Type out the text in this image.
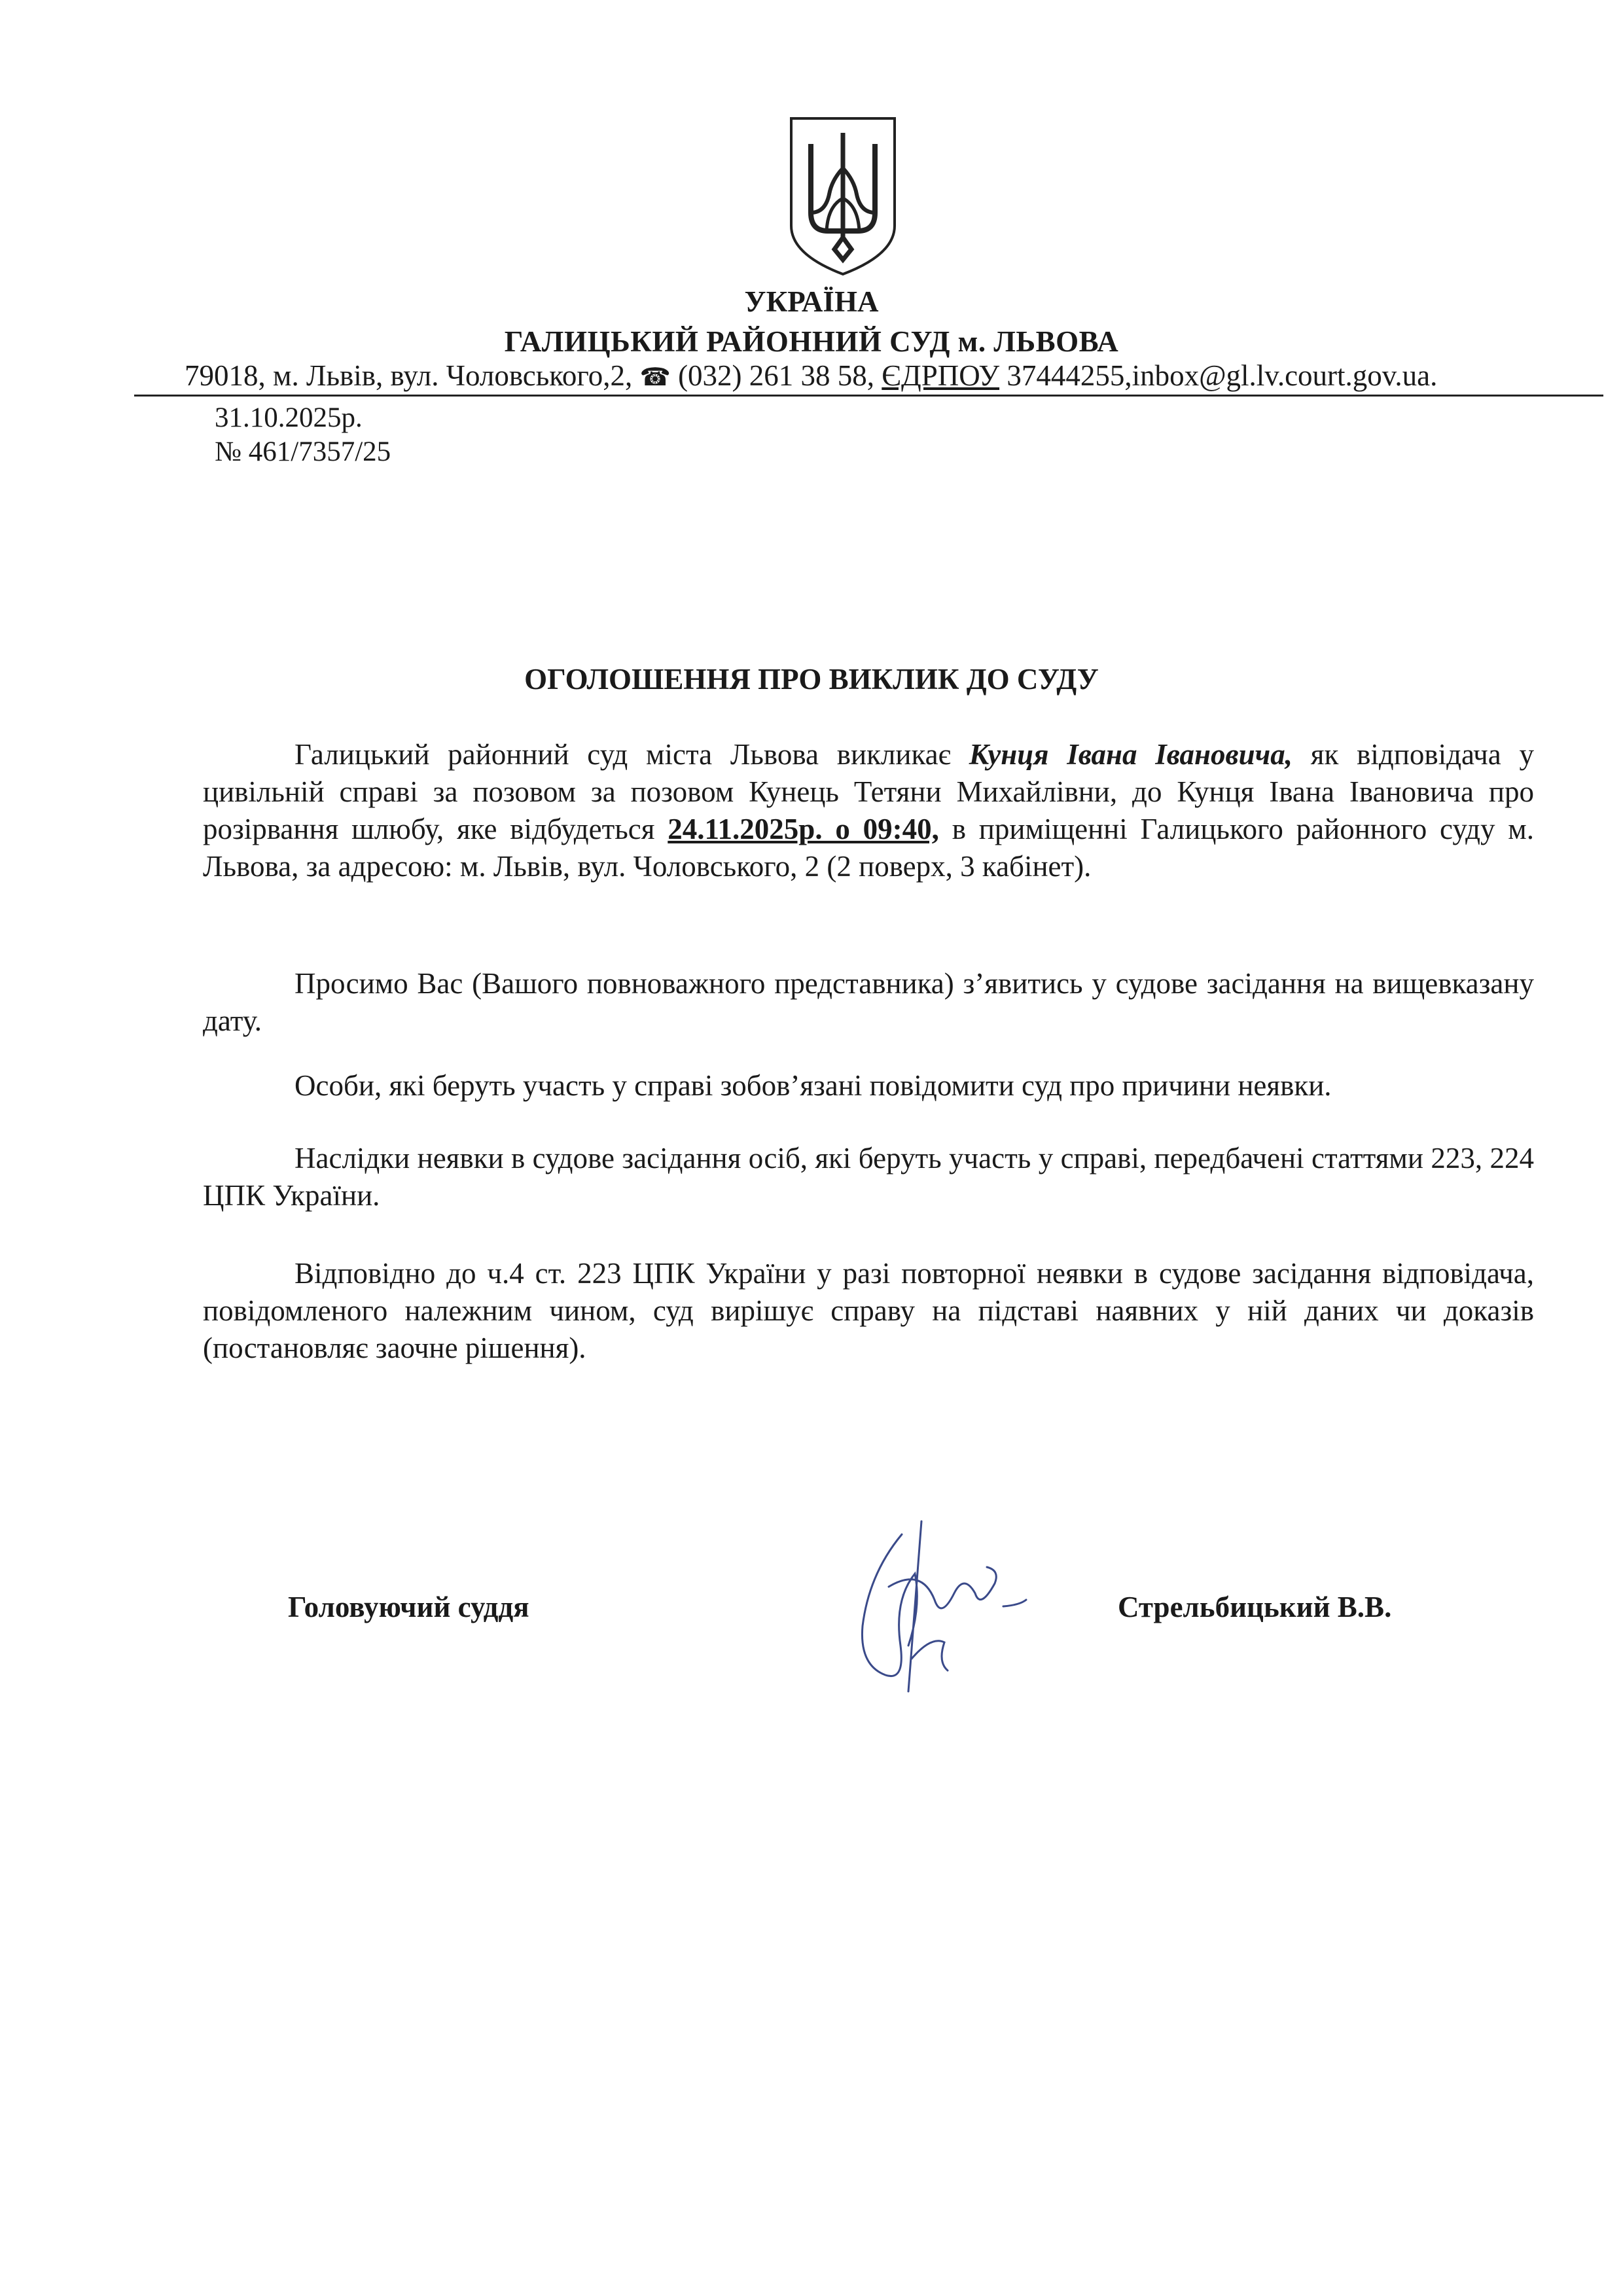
УКРАЇНА
ГАЛИЦЬКИЙ РАЙОННИЙ СУД м. ЛЬВОВА
79018, м. Львів, вул. Чоловського,2, ☎ (032) 261 38 58, ЄДРПОУ 37444255,inbox@gl.lv.court.gov.ua.
31.10.2025р.
№ 461/7357/25
ОГОЛОШЕННЯ ПРО ВИКЛИК ДО СУДУ

Галицький районний суд міста Львова викликає Кунця Івана Івановича, як відповідача у цивільній справі за позовом за позовом Кунець Тетяни Михайлівни, до Кунця Івана Івановича про розірвання шлюбу, яке відбудеться 24.11.2025р. о 09:40, в приміщенні Галицького районного суду м. Львова, за адресою: м. Львів, вул. Чоловського, 2 (2 поверх, 3 кабінет).

Просимо Вас (Вашого повноважного представника) з’явитись у судове засідання на вищевказану дату.

Особи, які беруть участь у справі зобов’язані повідомити суд про причини неявки.

Наслідки неявки в судове засідання осіб, які беруть участь у справі, передбачені статтями 223, 224 ЦПК України.

Відповідно до ч.4 ст. 223 ЦПК України у разі повторної неявки в судове засідання відповідача, повідомленого належним чином, суд вирішує справу на підставі наявних у ній даних чи доказів (постановляє заочне рішення).

Головуючий суддя	Стрельбицький В.В.
